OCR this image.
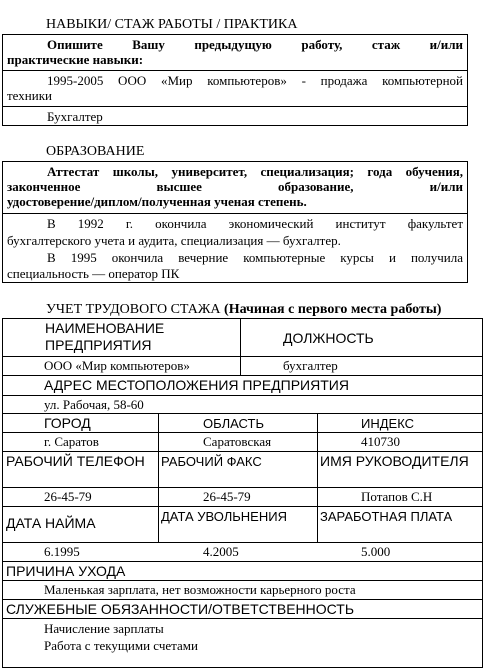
НАВЫКИ/ СТАЖ РАБОТЫ / ПРАКТИКА
Опишите Вашу предыдущую работу, стаж и/или
практические навыки:
1995-2005 ООО «Мир компьютеров» - продажа компьютерной
техники
Бухгалтер
ОБРАЗОВАНИЕ
Аттестат школы, университет, специализация; года обучения,
законченное высшее образование, и/или
удостоверение/диплом/полученная ученая степень.
В 1992 г. окончила экономический институт факультет
бухгалтерского учета и аудита, специализация — бухгалтер.
В 1995 окончила вечерние компьютерные курсы и получила
специальность — оператор ПК
УЧЕТ ТРУДОВОГО СТАЖА (Начиная с первого места работы)
НАИМЕНОВАНИЕ ПРЕДПРИЯТИЯ	ДОЛЖНОСТЬ
ООО «Мир компьютеров»	бухгалтер
АДРЕС МЕСТОПОЛОЖЕНИЯ ПРЕДПРИЯТИЯ
ул. Рабочая, 58-60
ГОРОД	ОБЛАСТЬ	ИНДЕКС
г. Саратов	Саратовская	410730
РАБОЧИЙ ТЕЛЕФОН	РАБОЧИЙ ФАКС	ИМЯ РУКОВОДИТЕЛЯ
26-45-79	26-45-79	Потапов С.Н
ДАТА НАЙМА	ДАТА УВОЛЬНЕНИЯ	ЗАРАБОТНАЯ ПЛАТА
6.1995	4.2005	5.000
ПРИЧИНА УХОДА
Маленькая зарплата, нет возможности карьерного роста
СЛУЖЕБНЫЕ ОБЯЗАННОСТИ/ОТВЕТСТВЕННОСТЬ
Начисление зарплаты
Работа с текущими счетами
